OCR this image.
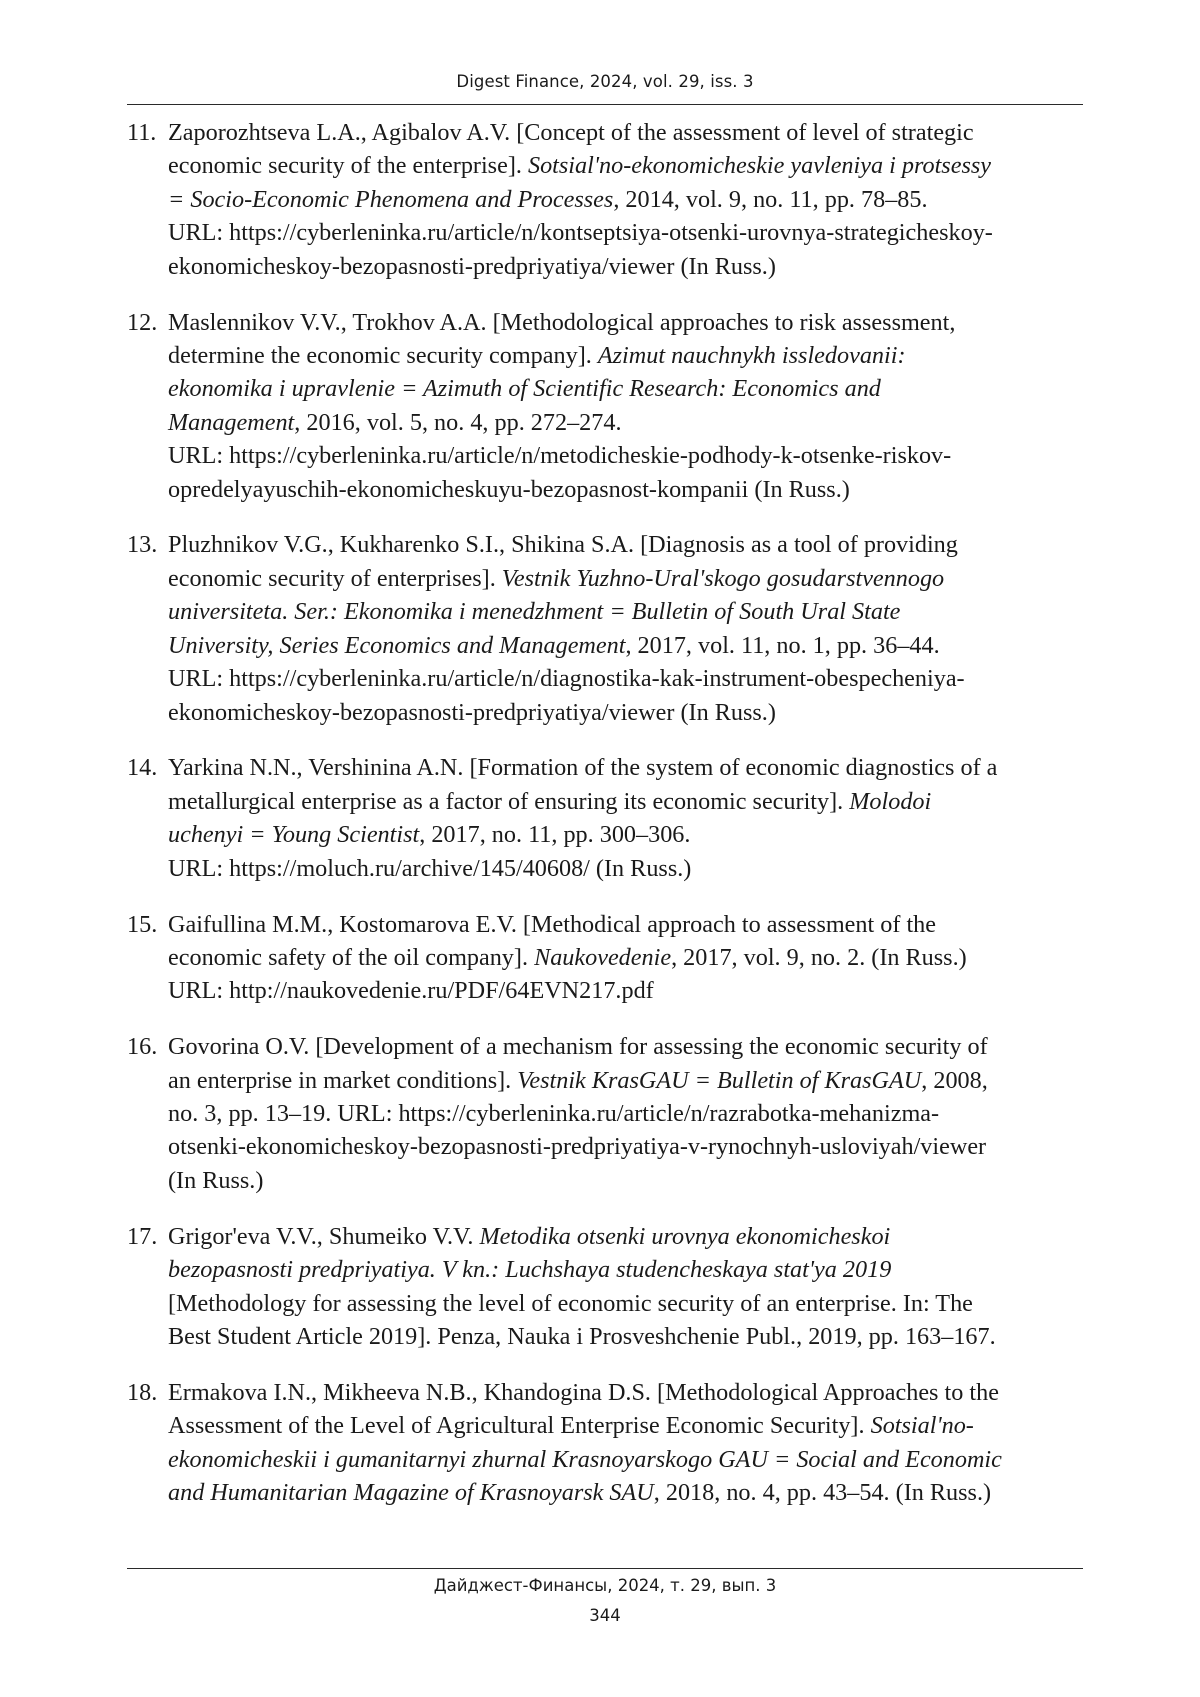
Digest Finance, 2024, vol. 29, iss. 3
11. Zaporozhtseva L.A., Agibalov A.V. [Concept of the assessment of level of strategic
economic security of the enterprise]. Sotsial'no-ekonomicheskie yavleniya i protsessy
= Socio-Economic Phenomena and Processes, 2014, vol. 9, no. 11, pp. 78–85.
URL: https://cyberleninka.ru/article/n/kontseptsiya-otsenki-urovnya-strategicheskoy-
ekonomicheskoy-bezopasnosti-predpriyatiya/viewer (In Russ.)
12. Maslennikov V.V., Trokhov A.A. [Methodological approaches to risk assessment,
determine the economic security company]. Azimut nauchnykh issledovanii:
ekonomika i upravlenie = Azimuth of Scientific Research: Economics and
Management, 2016, vol. 5, no. 4, pp. 272–274.
URL: https://cyberleninka.ru/article/n/metodicheskie-podhody-k-otsenke-riskov-
opredelyayuschih-ekonomicheskuyu-bezopasnost-kompanii (In Russ.)
13. Pluzhnikov V.G., Kukharenko S.I., Shikina S.A. [Diagnosis as a tool of providing
economic security of enterprises]. Vestnik Yuzhno-Ural'skogo gosudarstvennogo
universiteta. Ser.: Ekonomika i menedzhment = Bulletin of South Ural State
University, Series Economics and Management, 2017, vol. 11, no. 1, pp. 36–44.
URL: https://cyberleninka.ru/article/n/diagnostika-kak-instrument-obespecheniya-
ekonomicheskoy-bezopasnosti-predpriyatiya/viewer (In Russ.)
14. Yarkina N.N., Vershinina A.N. [Formation of the system of economic diagnostics of a
metallurgical enterprise as a factor of ensuring its economic security]. Molodoi
uchenyi = Young Scientist, 2017, no. 11, pp. 300–306.
URL: https://moluch.ru/archive/145/40608/ (In Russ.)
15. Gaifullina M.M., Kostomarova E.V. [Methodical approach to assessment of the
economic safety of the oil company]. Naukovedenie, 2017, vol. 9, no. 2. (In Russ.)
URL: http://naukovedenie.ru/PDF/64EVN217.pdf
16. Govorina O.V. [Development of a mechanism for assessing the economic security of
an enterprise in market conditions]. Vestnik KrasGAU = Bulletin of KrasGAU, 2008,
no. 3, pp. 13–19. URL: https://cyberleninka.ru/article/n/razrabotka-mehanizma-
otsenki-ekonomicheskoy-bezopasnosti-predpriyatiya-v-rynochnyh-usloviyah/viewer
(In Russ.)
17. Grigor'eva V.V., Shumeiko V.V. Metodika otsenki urovnya ekonomicheskoi
bezopasnosti predpriyatiya. V kn.: Luchshaya studencheskaya stat'ya 2019
[Methodology for assessing the level of economic security of an enterprise. In: The
Best Student Article 2019]. Penza, Nauka i Prosveshchenie Publ., 2019, pp. 163–167.
18. Ermakova I.N., Mikheeva N.B., Khandogina D.S. [Methodological Approaches to the
Assessment of the Level of Agricultural Enterprise Economic Security]. Sotsial'no-
ekonomicheskii i gumanitarnyi zhurnal Krasnoyarskogo GAU = Social and Economic
and Humanitarian Magazine of Krasnoyarsk SAU, 2018, no. 4, pp. 43–54. (In Russ.)
Дайджест-Финансы, 2024, т. 29, вып. 3
344
